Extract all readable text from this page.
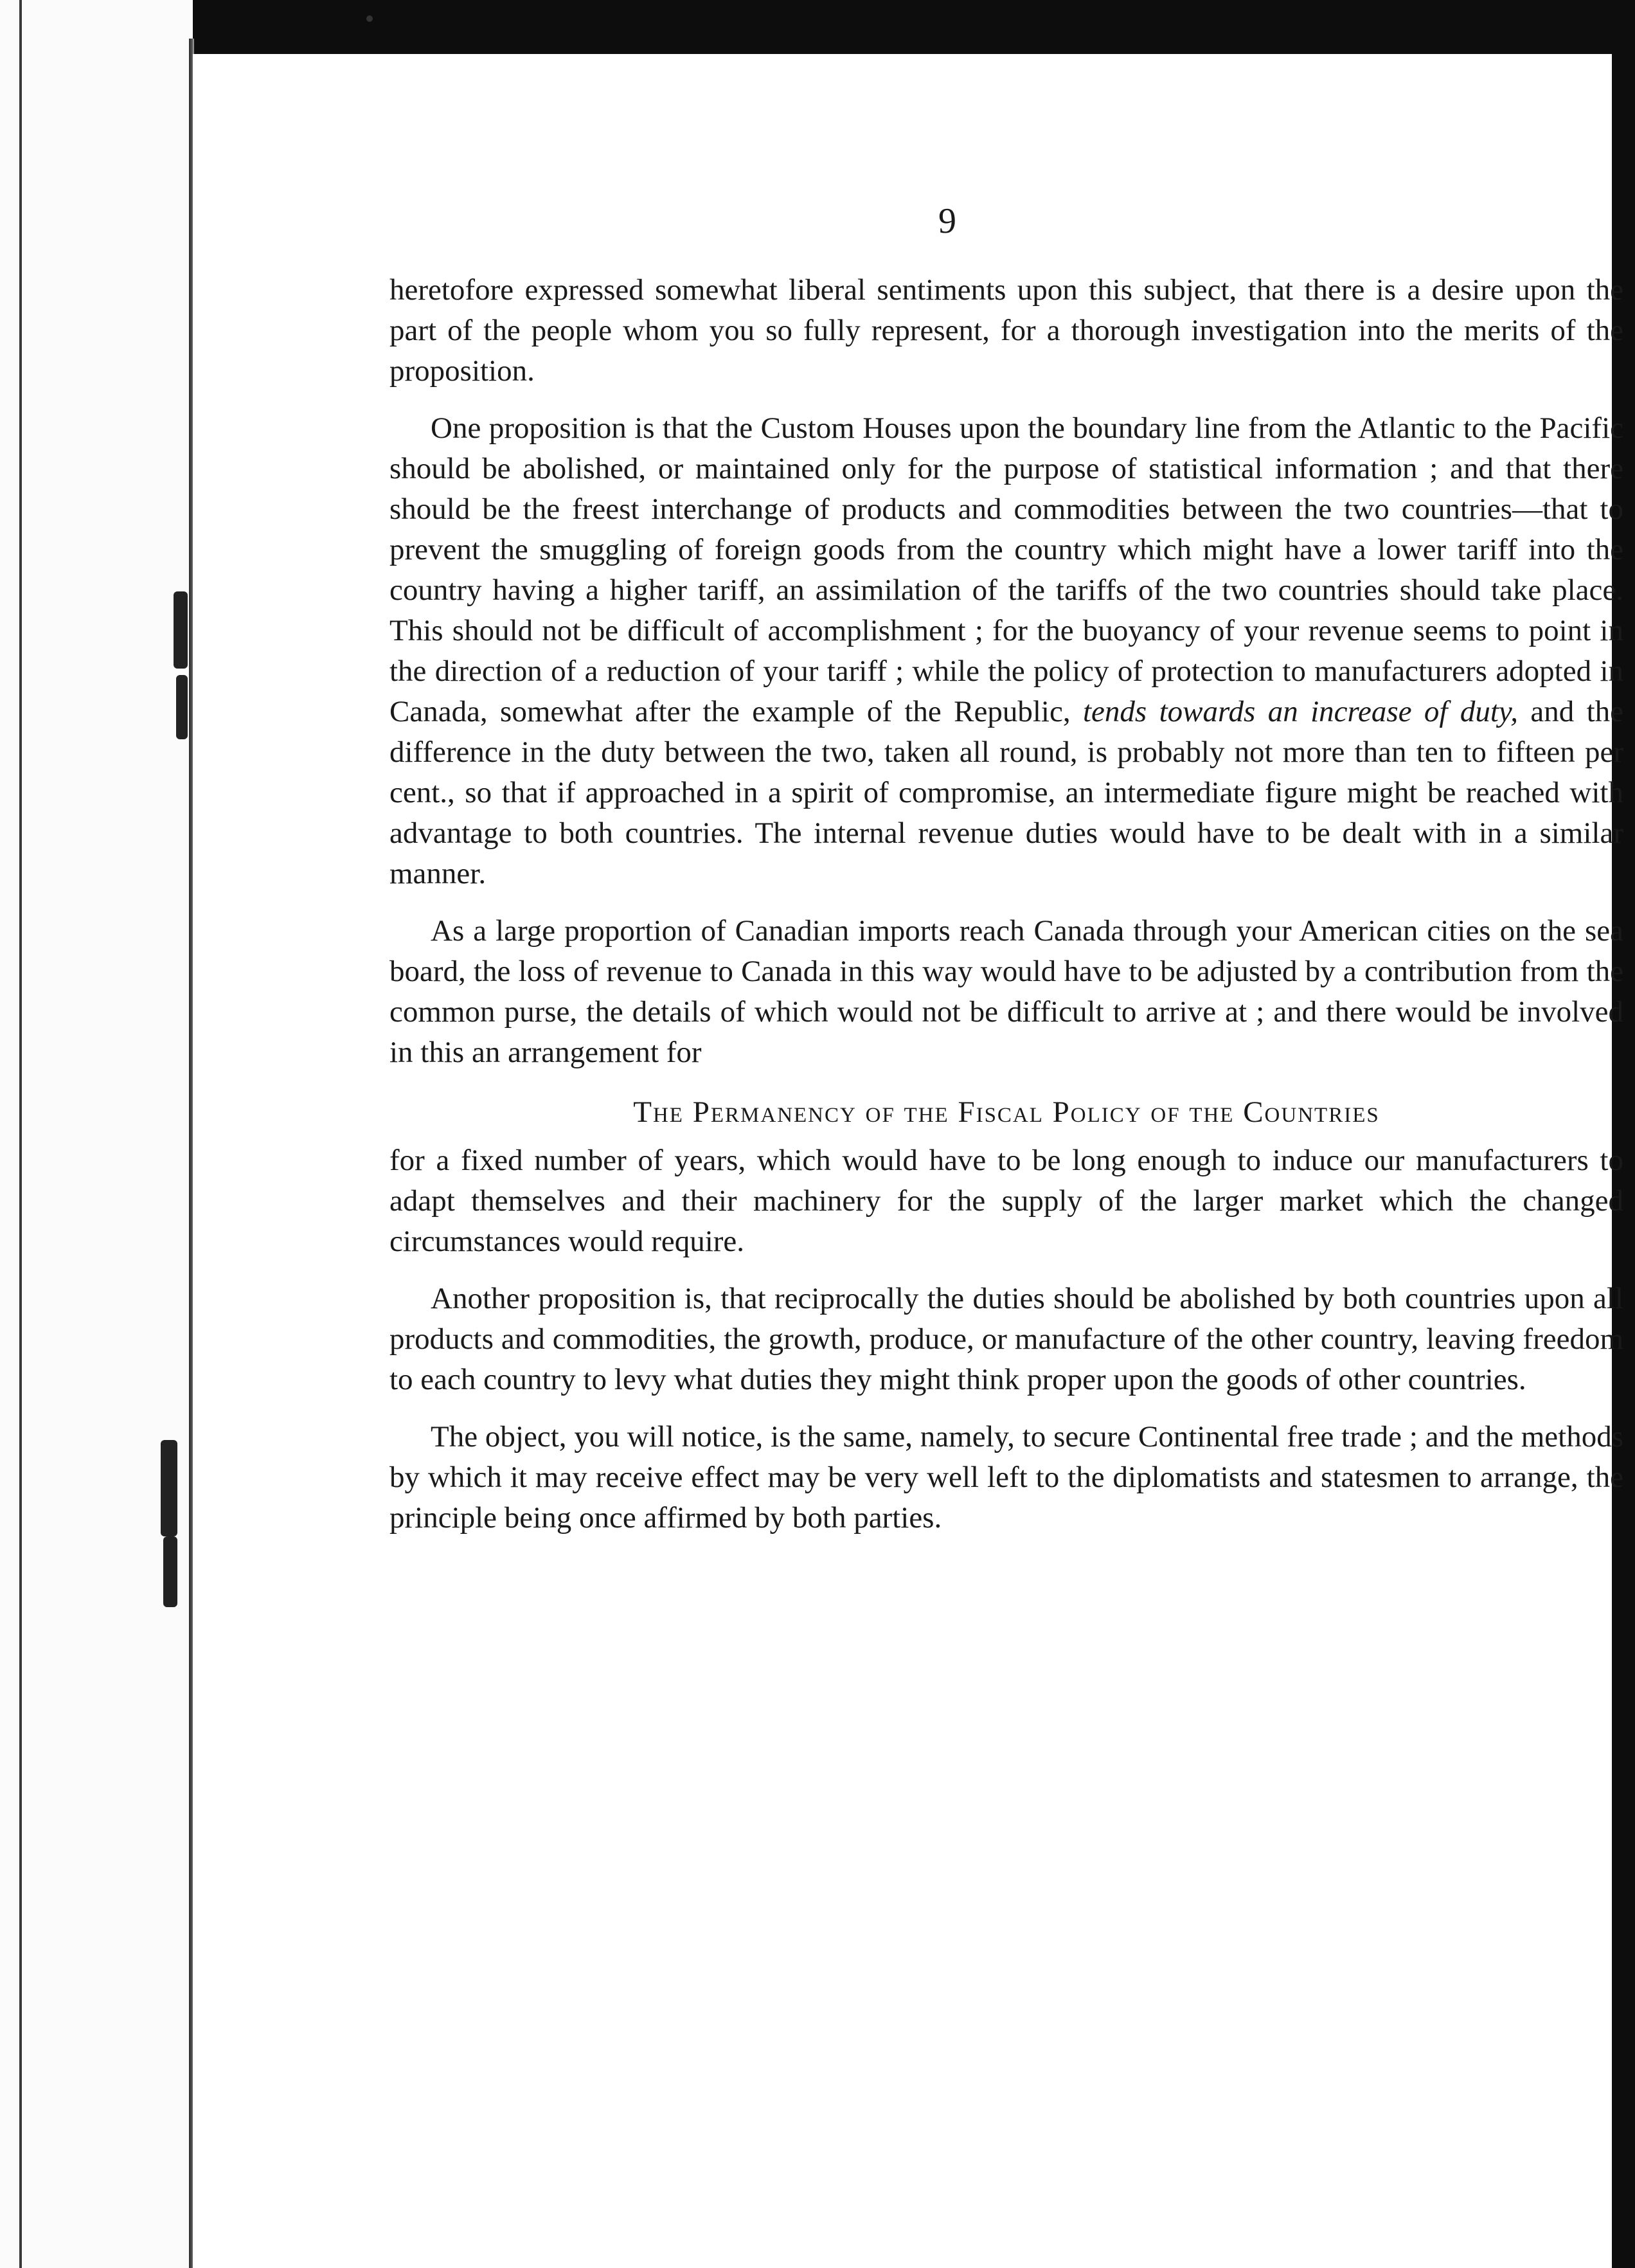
9

heretofore expressed somewhat liberal sentiments upon this subject, that there is a desire upon the part of the people whom you so fully represent, for a thorough investigation into the merits of the proposition.

One proposition is that the Custom Houses upon the boundary line from the Atlantic to the Pacific should be abolished, or maintained only for the purpose of statistical information ; and that there should be the freest interchange of products and commodities between the two countries—that to prevent the smuggling of foreign goods from the country which might have a lower tariff into the country having a higher tariff, an assimilation of the tariffs of the two countries should take place. This should not be difficult of accomplishment ; for the buoyancy of your revenue seems to point in the direction of a reduction of your tariff ; while the policy of protection to manufacturers adopted in Canada, somewhat after the example of the Republic, tends towards an increase of duty, and the difference in the duty between the two, taken all round, is probably not more than ten to fifteen per cent., so that if approached in a spirit of compromise, an intermediate figure might be reached with advantage to both countries. The internal revenue duties would have to be dealt with in a similar manner.

As a large proportion of Canadian imports reach Canada through your American cities on the sea board, the loss of revenue to Canada in this way would have to be adjusted by a contribution from the common purse, the details of which would not be difficult to arrive at ; and there would be involved in this an arrangement for

The Permanency of the Fiscal Policy of the Countries

for a fixed number of years, which would have to be long enough to induce our manufacturers to adapt themselves and their machinery for the supply of the larger market which the changed circumstances would require.

Another proposition is, that reciprocally the duties should be abolished by both countries upon all products and commodities, the growth, produce, or manufacture of the other country, leaving freedom to each country to levy what duties they might think proper upon the goods of other countries.

The object, you will notice, is the same, namely, to secure Continental free trade ; and the methods by which it may receive effect may be very well left to the diplomatists and statesmen to arrange, the principle being once affirmed by both parties.
